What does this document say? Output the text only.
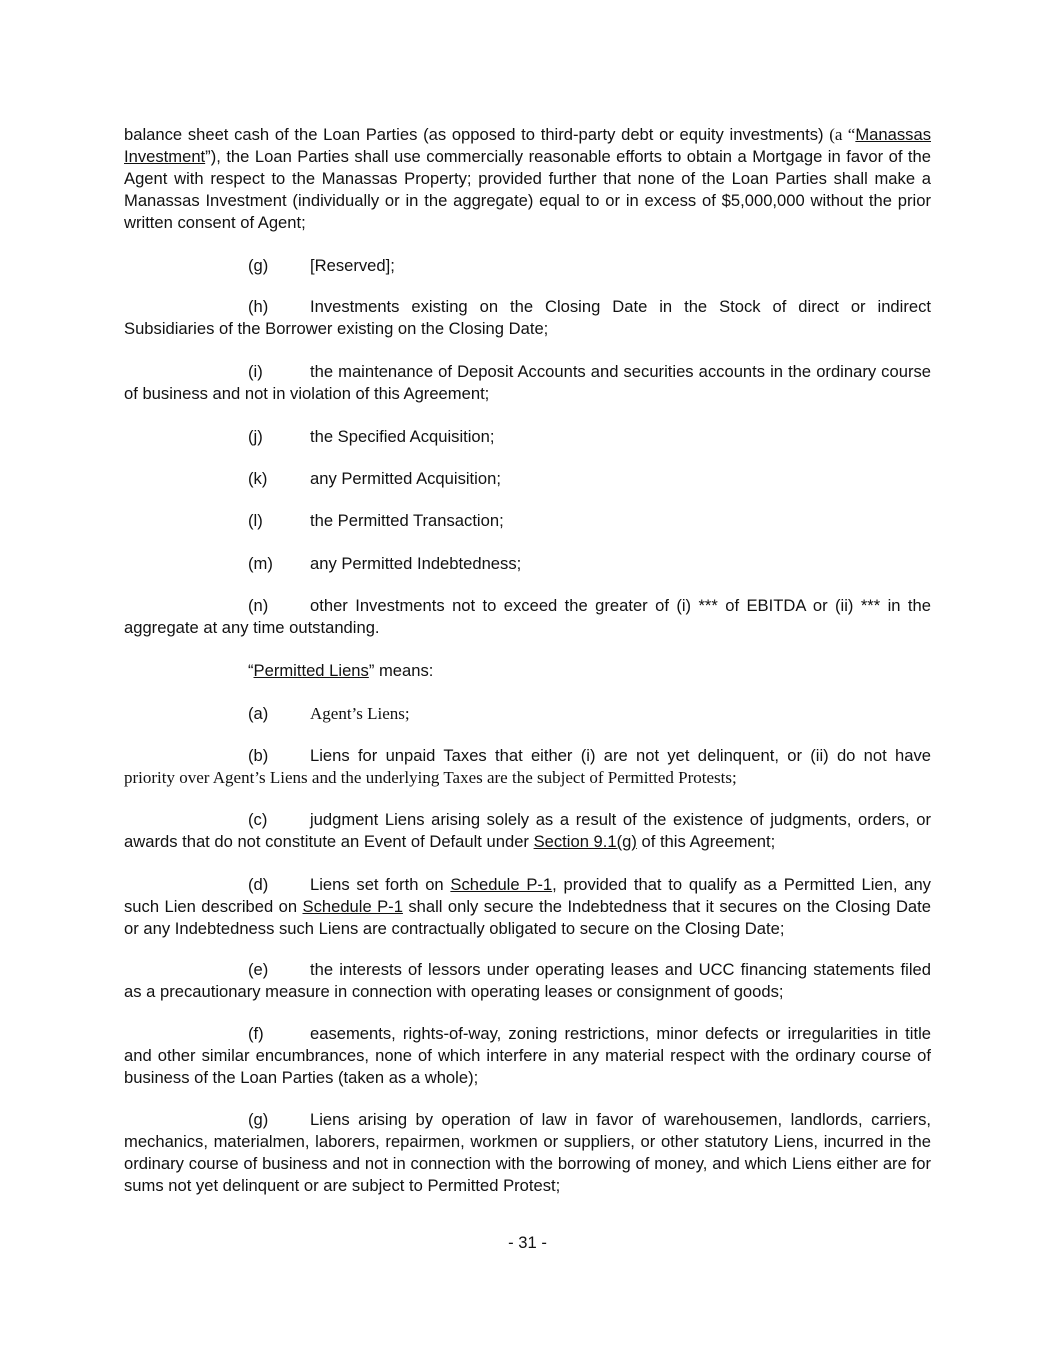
balance sheet cash of the Loan Parties (as opposed to third-party debt or equity investments) (a “Manassas Investment”), the Loan Parties shall use commercially reasonable efforts to obtain a Mortgage in favor of the Agent with respect to the Manassas Property; provided further that none of the Loan Parties shall make a Manassas Investment (individually or in the aggregate) equal to or in excess of $5,000,000 without the prior written consent of Agent;
(g)	[Reserved];
(h)	Investments existing on the Closing Date in the Stock of direct or indirect Subsidiaries of the Borrower existing on the Closing Date;
(i)	the maintenance of Deposit Accounts and securities accounts in the ordinary course of business and not in violation of this Agreement;
(j)	the Specified Acquisition;
(k)	any Permitted Acquisition;
(l)	the Permitted Transaction;
(m) any Permitted Indebtedness;
(n)	other Investments not to exceed the greater of (i) *** of EBITDA or (ii) *** in the aggregate at any time outstanding.
“Permitted Liens” means:
(a) Agent’s Liens;
(b)	Liens for unpaid Taxes that either (i) are not yet delinquent, or (ii) do not have priority over Agent’s Liens and the underlying Taxes are the subject of Permitted Protests;
(c)	judgment Liens arising solely as a result of the existence of judgments, orders, or awards that do not constitute an Event of Default under Section 9.1(g) of this Agreement;
(d)	Liens set forth on Schedule P-1, provided that to qualify as a Permitted Lien, any such Lien described on Schedule P-1 shall only secure the Indebtedness that it secures on the Closing Date or any Indebtedness such Liens are contractually obligated to secure on the Closing Date;
(e)	the interests of lessors under operating leases and UCC financing statements filed as a precautionary measure in connection with operating leases or consignment of goods;
(f)	easements, rights-of-way, zoning restrictions, minor defects or irregularities in title and other similar encumbrances, none of which interfere in any material respect with the ordinary course of business of the Loan Parties (taken as a whole);
(g)	Liens arising by operation of law in favor of warehousemen, landlords, carriers, mechanics, materialmen, laborers, repairmen, workmen or suppliers, or other statutory Liens, incurred in the ordinary course of business and not in connection with the borrowing of money, and which Liens either are for sums not yet delinquent or are subject to Permitted Protest;
- 31 -
